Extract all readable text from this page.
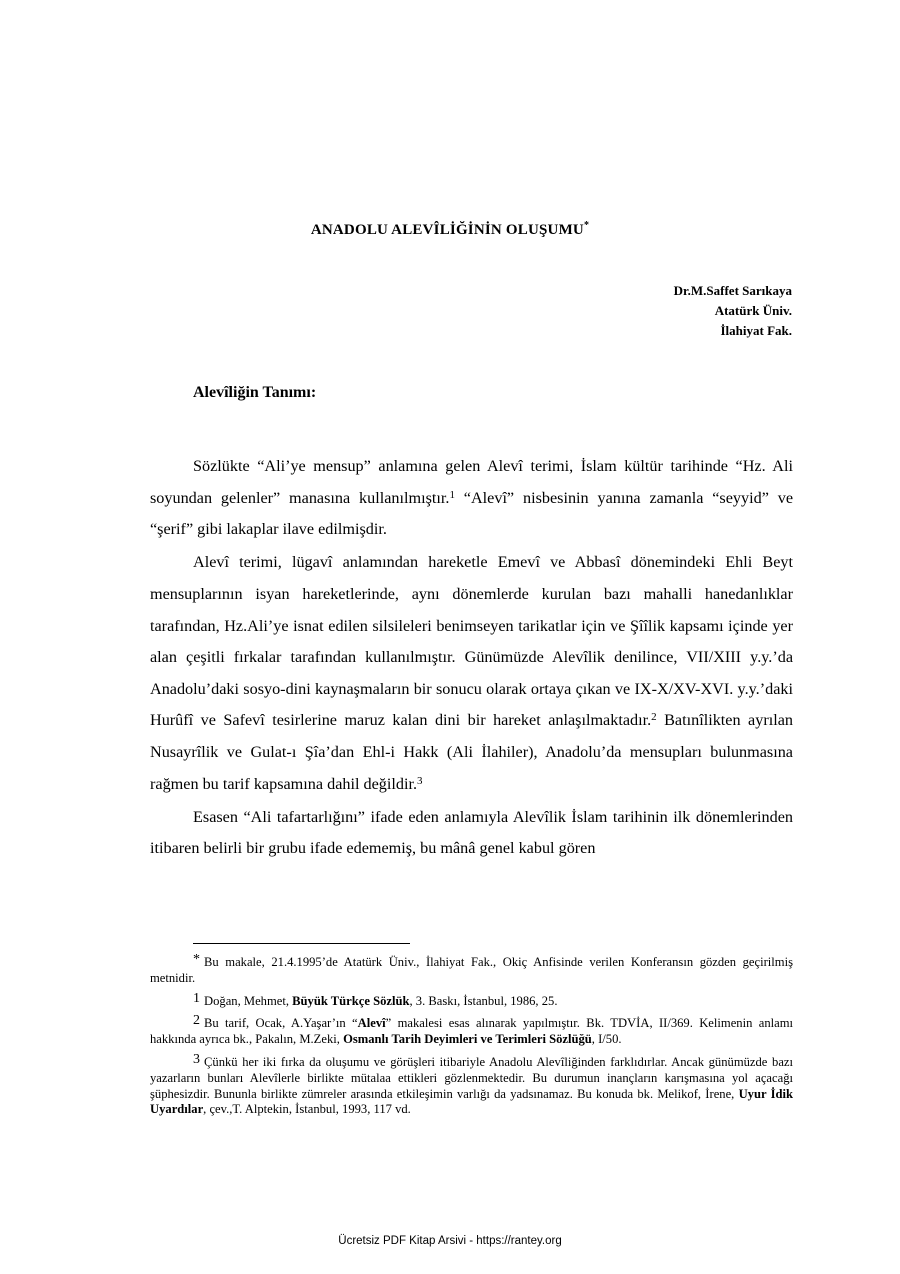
ANADOLU ALEVÎLİĞİNİN OLUŞUMU*
Dr.M.Saffet Sarıkaya
Atatürk Üniv.
İlahiyat Fak.
Alevîliğin Tanımı:

Sözlükte “Ali’ye mensup” anlamına gelen Alevî terimi, İslam kültür tarihinde “Hz. Ali soyundan gelenler” manasına kullanılmıştır.$^1$ “Alevî” nisbesinin yanına zamanla “seyyid” ve “şerif” gibi lakaplar ilave edilmişdir.

Alevî terimi, lügavî anlamından hareketle Emevî ve Abbasî dönemindeki Ehli Beyt mensuplarının isyan hareketlerinde, aynı dönemlerde kurulan bazı mahalli hanedanlıklar tarafından, Hz.Ali’ye isnat edilen silsileleri benimseyen tarikatlar için ve Şîîlik kapsamı içinde yer alan çeşitli fırkalar tarafından kullanılmıştır. Günümüzde Alevîlik denilince, VII/XIII y.y.’da Anadolu’daki sosyo-dini kaynaşmaların bir sonucu olarak ortaya çıkan ve IX-X/XV-XVI. y.y.’daki Hurûfî ve Safevî tesirlerine maruz kalan dini bir hareket anlaşılmaktadır.$^2$ Batınîlikten ayrılan Nusayrîlik ve Gulat-ı Şîa’dan Ehl-i Hakk (Ali İlahiler), Anadolu’da mensupları bulunmasına rağmen bu tarif kapsamına dahil değildir.$^3$

Esasen “Ali tafartarlığını” ifade eden anlamıyla Alevîlik İslam tarihinin ilk dönemlerinden itibaren belirli bir grubu ifade edememiş, bu mânâ genel kabul gören

* Bu makale, 21.4.1995’de Atatürk Üniv., İlahiyat Fak., Okiç Anfisinde verilen Konferansın gözden geçirilmiş metnidir.
1 Doğan, Mehmet, Büyük Türkçe Sözlük, 3. Baskı, İstanbul, 1986, 25.
2 Bu tarif, Ocak, A.Yaşar’ın “Alevî” makalesi esas alınarak yapılmıştır. Bk. TDVİA, II/369. Kelimenin anlamı hakkında ayrıca bk., Pakalın, M.Zeki, Osmanlı Tarih Deyimleri ve Terimleri Sözlüğü, I/50.
3 Çünkü her iki fırka da oluşumu ve görüşleri itibariyle Anadolu Alevîliğinden farklıdırlar. Ancak günümüzde bazı yazarların bunları Alevîlerle birlikte mütalaa ettikleri gözlenmektedir. Bu durumun inançların karışmasına yol açacağı şüphesizdir. Bununla birlikte zümreler arasında etkileşimin varlığı da yadsınamaz. Bu konuda bk. Melikof, İrene, Uyur İdik Uyardılar, çev.,T. Alptekin, İstanbul, 1993, 117 vd.
Ücretsiz PDF Kitap Arsivi - https://rantey.org
